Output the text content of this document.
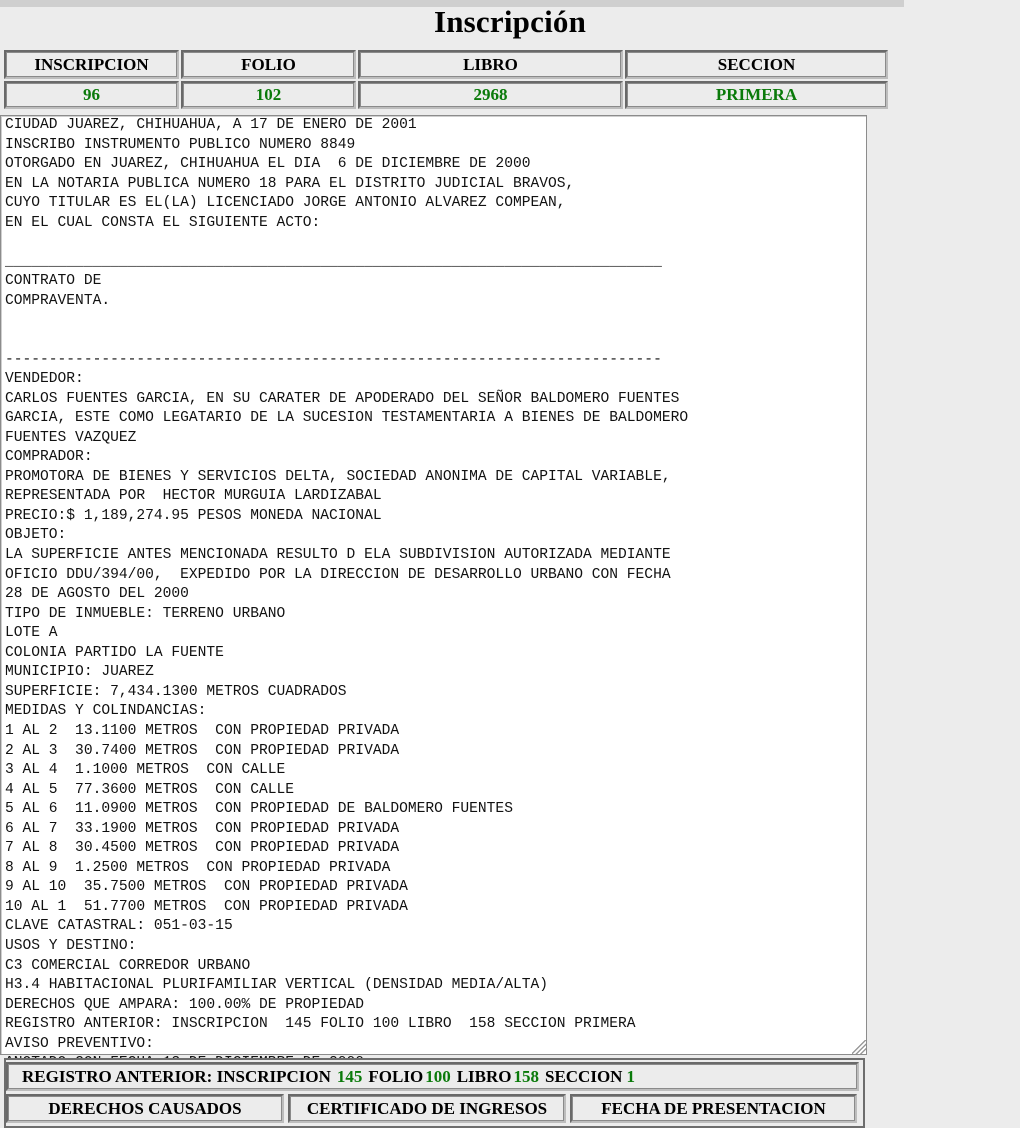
Inscripción
INSCRIPCION	FOLIO	LIBRO	SECCION
96	102	2968	PRIMERA
CIUDAD JUAREZ, CHIHUAHUA, A 17 DE ENERO DE 2001
INSCRIBO INSTRUMENTO PUBLICO NUMERO 8849
OTORGADO EN JUAREZ, CHIHUAHUA EL DIA  6 DE DICIEMBRE DE 2000
EN LA NOTARIA PUBLICA NUMERO 18 PARA EL DISTRITO JUDICIAL BRAVOS,
CUYO TITULAR ES EL(LA) LICENCIADO JORGE ANTONIO ALVAREZ COMPEAN,
EN EL CUAL CONSTA EL SIGUIENTE ACTO:
___________________________________________________________________________
CONTRATO DE
COMPRAVENTA.
---------------------------------------------------------------------------
VENDEDOR:
CARLOS FUENTES GARCIA, EN SU CARATER DE APODERADO DEL SEÑOR BALDOMERO FUENTES
GARCIA, ESTE COMO LEGATARIO DE LA SUCESION TESTAMENTARIA A BIENES DE BALDOMERO
FUENTES VAZQUEZ
COMPRADOR:
PROMOTORA DE BIENES Y SERVICIOS DELTA, SOCIEDAD ANONIMA DE CAPITAL VARIABLE,
REPRESENTADA POR  HECTOR MURGUIA LARDIZABAL
PRECIO:$ 1,189,274.95 PESOS MONEDA NACIONAL
OBJETO:
LA SUPERFICIE ANTES MENCIONADA RESULTO D ELA SUBDIVISION AUTORIZADA MEDIANTE
OFICIO DDU/394/00,  EXPEDIDO POR LA DIRECCION DE DESARROLLO URBANO CON FECHA
28 DE AGOSTO DEL 2000
TIPO DE INMUEBLE: TERRENO URBANO
LOTE A
COLONIA PARTIDO LA FUENTE
MUNICIPIO: JUAREZ
SUPERFICIE: 7,434.1300 METROS CUADRADOS
MEDIDAS Y COLINDANCIAS:
1 AL 2  13.1100 METROS  CON PROPIEDAD PRIVADA
2 AL 3  30.7400 METROS  CON PROPIEDAD PRIVADA
3 AL 4  1.1000 METROS  CON CALLE
4 AL 5  77.3600 METROS  CON CALLE
5 AL 6  11.0900 METROS  CON PROPIEDAD DE BALDOMERO FUENTES
6 AL 7  33.1900 METROS  CON PROPIEDAD PRIVADA
7 AL 8  30.4500 METROS  CON PROPIEDAD PRIVADA
8 AL 9  1.2500 METROS  CON PROPIEDAD PRIVADA
9 AL 10  35.7500 METROS  CON PROPIEDAD PRIVADA
10 AL 1  51.7700 METROS  CON PROPIEDAD PRIVADA
CLAVE CATASTRAL: 051-03-15
USOS Y DESTINO:
C3 COMERCIAL CORREDOR URBANO
H3.4 HABITACIONAL PLURIFAMILIAR VERTICAL (DENSIDAD MEDIA/ALTA)
DERECHOS QUE AMPARA: 100.00% DE PROPIEDAD
REGISTRO ANTERIOR: INSCRIPCION  145 FOLIO 100 LIBRO  158 SECCION PRIMERA
AVISO PREVENTIVO:
REGISTRO ANTERIOR: INSCRIPCION 145 FOLIO 100 LIBRO 158 SECCION 1
DERECHOS CAUSADOS	CERTIFICADO DE INGRESOS	FECHA DE PRESENTACION
